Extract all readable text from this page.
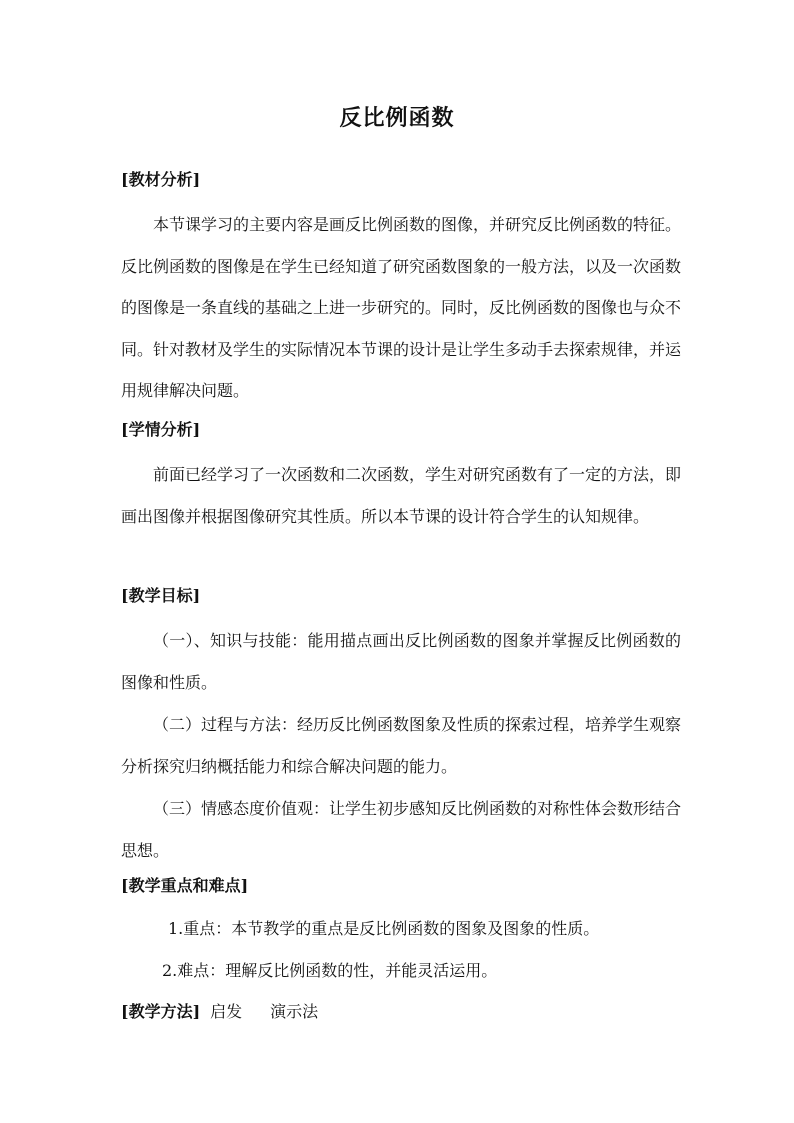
反比例函数
[教材分析]
本节课学习的主要内容是画反比例函数的图像，并研究反比例函数的特征。反比例函数的图像是在学生已经知道了研究函数图象的一般方法，以及一次函数的图像是一条直线的基础之上进一步研究的。同时，反比例函数的图像也与众不同。针对教材及学生的实际情况本节课的设计是让学生多动手去探索规律，并运用规律解决问题。
[学情分析]
前面已经学习了一次函数和二次函数，学生对研究函数有了一定的方法，即画出图像并根据图像研究其性质。所以本节课的设计符合学生的认知规律。
[教学目标]
（一）、知识与技能：能用描点画出反比例函数的图象并掌握反比例函数的图像和性质。
（二）过程与方法：经历反比例函数图象及性质的探索过程，培养学生观察分析探究归纳概括能力和综合解决问题的能力。
（三）情感态度价值观：让学生初步感知反比例函数的对称性体会数形结合思想。
[教学重点和难点]
1.重点：本节教学的重点是反比例函数的图象及图象的性质。
2.难点：理解反比例函数的性，并能灵活运用。
[教学方法] 启发 演示法
